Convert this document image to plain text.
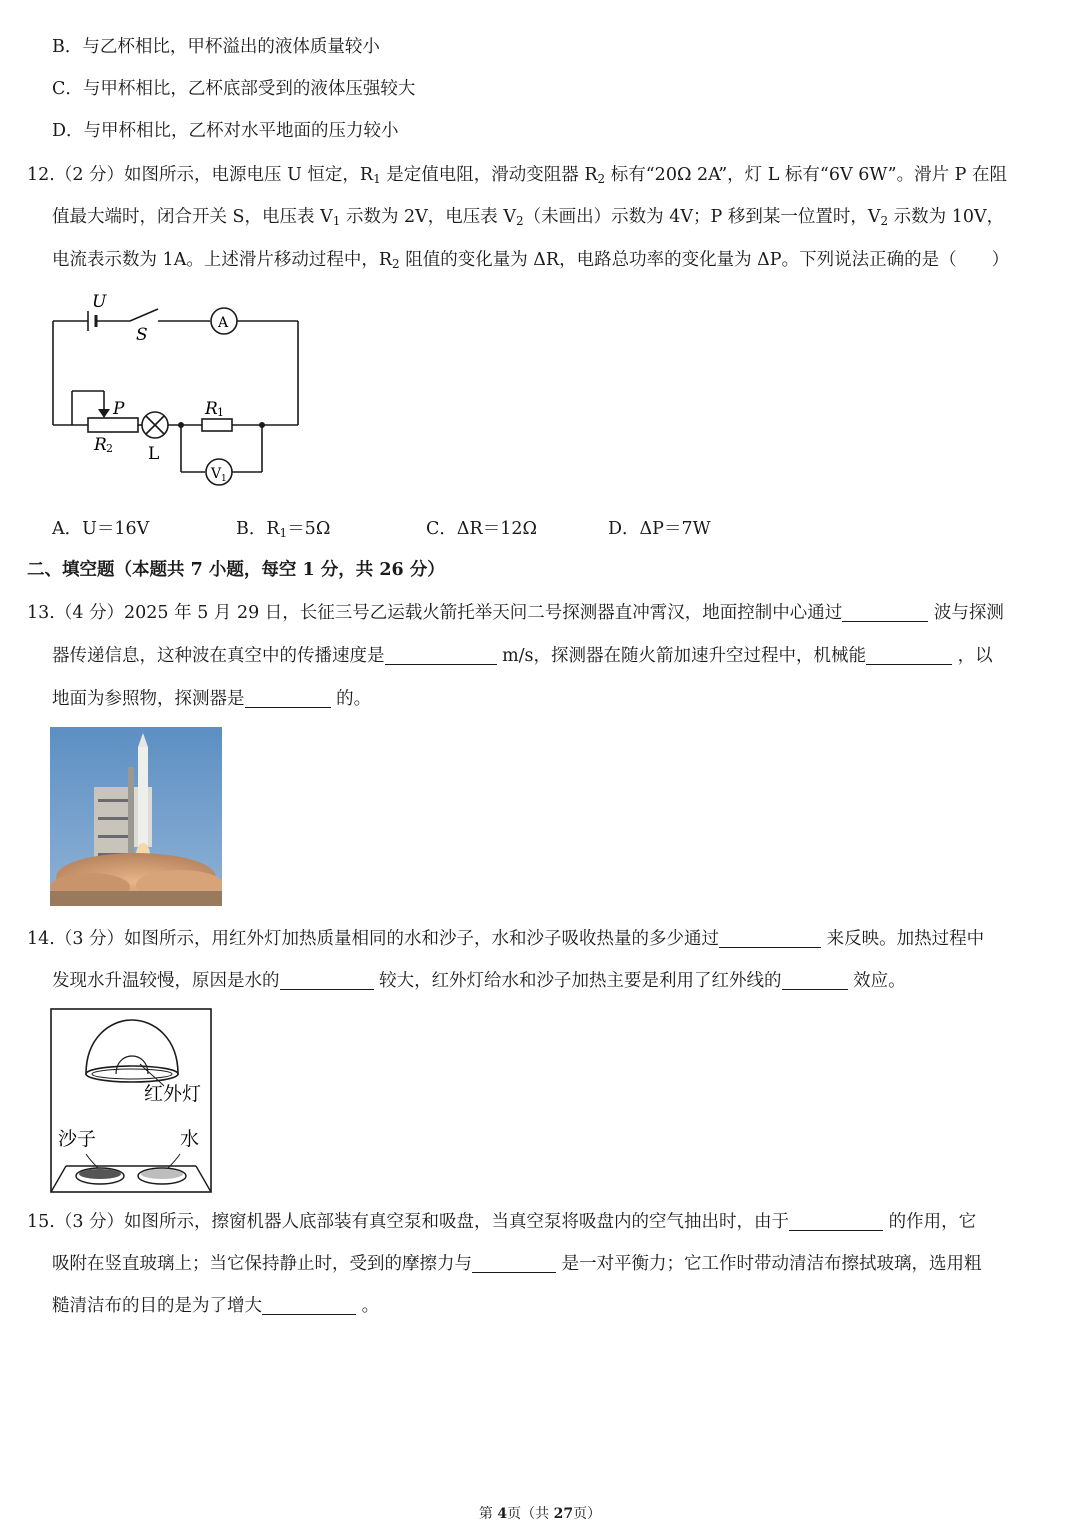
B．与乙杯相比，甲杯溢出的液体质量较小
C．与甲杯相比，乙杯底部受到的液体压强较大
D．与甲杯相比，乙杯对水平地面的压力较小
12.（2 分）如图所示，电源电压 U 恒定，$R_1$ 是定值电阻，滑动变阻器 $R_2$ 标有“20Ω 2A”，灯 L 标有“6V 6W”。滑片 P 在阻
值最大端时，闭合开关 S，电压表 $V_1$ 示数为 2V，电压表 $V_2$（未画出）示数为 4V；P 移到某一位置时，$V_2$ 示数为 10V，
电流表示数为 1A。上述滑片移动过程中，$R_2$ 阻值的变化量为 ΔR，电路总功率的变化量为 ΔP。下列说法正确的是（　　）
U
S
A
P	R 1
R 2 L
V 1
A．U＝16V	B．$R_1=5\Omega$	C．ΔR＝12Ω	D．ΔP＝7W
二、填空题（本题共 7 小题，每空 1 分，共 26 分）
13.（4 分）2025 年 5 月 29 日，长征三号乙运载火箭托举天问二号探测器直冲霄汉，地面控制中心通过	波与探测
器传递信息，这种波在真空中的传播速度是	m/s，探测器在随火箭加速升空过程中，机械能	，以
地面为参照物，探测器是	的。
14.（3 分）如图所示，用红外灯加热质量相同的水和沙子，水和沙子吸收热量的多少通过	来反映。加热过程中
发现水升温较慢，原因是水的	较大，红外灯给水和沙子加热主要是利用了红外线的	效应。
红外灯
沙子	水
15.（3 分）如图所示，擦窗机器人底部装有真空泵和吸盘，当真空泵将吸盘内的空气抽出时，由于	的作用，它
吸附在竖直玻璃上；当它保持静止时，受到的摩擦力与	是一对平衡力；它工作时带动清洁布擦拭玻璃，选用粗
糙清洁布的目的是为了增大	。
第 4页（共 27页）
